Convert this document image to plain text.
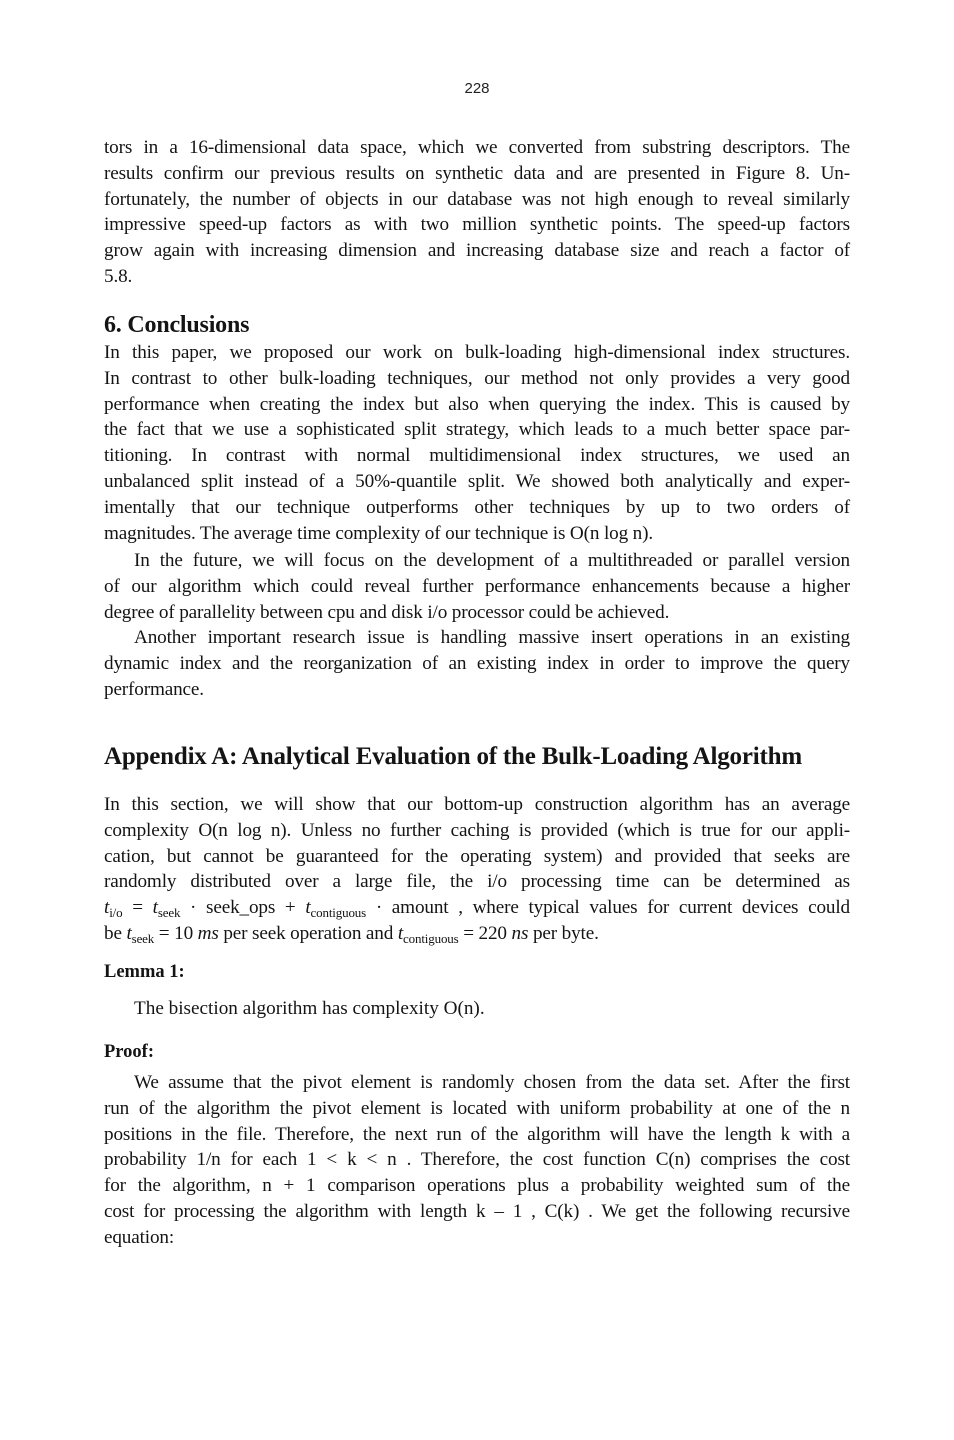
228
tors in a 16-dimensional data space, which we converted from substring descriptors. The
results confirm our previous results on synthetic data and are presented in Figure 8. Un-
fortunately, the number of objects in our database was not high enough to reveal similarly
impressive speed-up factors as with two million synthetic points. The speed-up factors
grow again with increasing dimension and increasing database size and reach a factor of
5.8.
6. Conclusions
In this paper, we proposed our work on bulk-loading high-dimensional index structures.
In contrast to other bulk-loading techniques, our method not only provides a very good
performance when creating the index but also when querying the index. This is caused by
the fact that we use a sophisticated split strategy, which leads to a much better space par-
titioning. In contrast with normal multidimensional index structures, we used an
unbalanced split instead of a 50%-quantile split. We showed both analytically and exper-
imentally that our technique outperforms other techniques by up to two orders of
magnitudes. The average time complexity of our technique is O(n log n).
In the future, we will focus on the development of a multithreaded or parallel version
of our algorithm which could reveal further performance enhancements because a higher
degree of parallelity between cpu and disk i/o processor could be achieved.
Another important research issue is handling massive insert operations in an existing
dynamic index and the reorganization of an existing index in order to improve the query
performance.
Appendix A: Analytical Evaluation of the Bulk-Loading Algorithm
In this section, we will show that our bottom-up construction algorithm has an average
complexity O(n log n). Unless no further caching is provided (which is true for our appli-
cation, but cannot be guaranteed for the operating system) and provided that seeks are
randomly distributed over a large file, the i/o processing time can be determined as
$t_{i/o} = t_{seek}$ · seek_ops + $t_{contiguous}$ · amount , where typical values for current devices could
be $t_{seek} = 10$ ms per seek operation and $t_{contiguous} = 220$ ns per byte.
Lemma 1:
The bisection algorithm has complexity O(n).
Proof:
We assume that the pivot element is randomly chosen from the data set. After the first
run of the algorithm the pivot element is located with uniform probability at one of the n
positions in the file. Therefore, the next run of the algorithm will have the length k with a
probability 1/n for each 1 < k < n . Therefore, the cost function C(n) comprises the cost
for the algorithm, n + 1 comparison operations plus a probability weighted sum of the
cost for processing the algorithm with length k – 1 , C(k) . We get the following recursive
equation:
